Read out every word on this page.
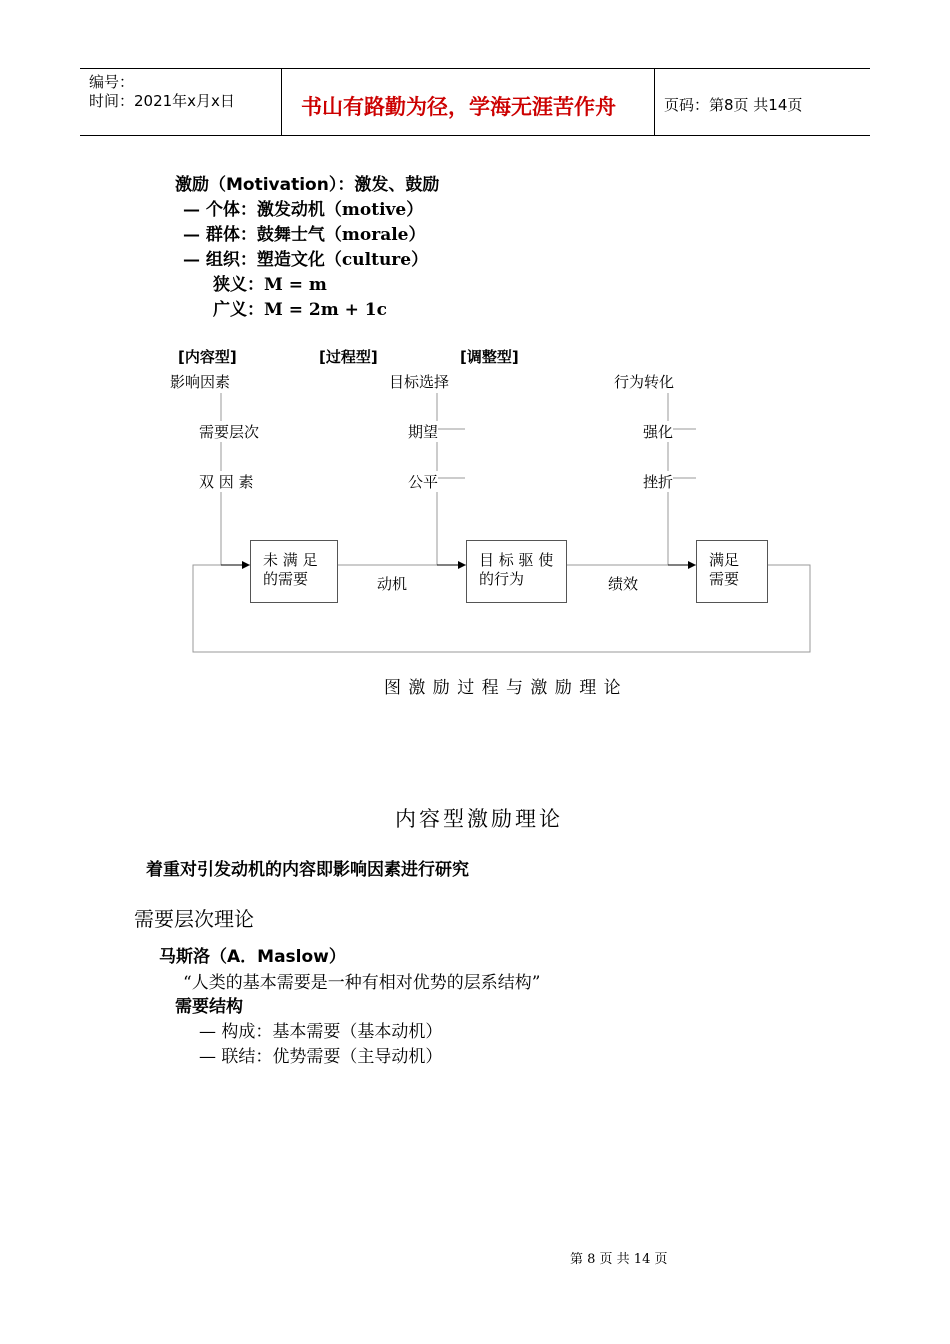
编号：
时间：2021年x月x日	书山有路勤为径，学海无涯苦作舟	页码：第8页 共14页
激励（Motivation）：激发、鼓励
— 个体：激发动机（motive）
— 群体：鼓舞士气（morale）
— 组织：塑造文化（culture）
狭义：M = m
广义：M = 2m + 1c
[内容型]	[过程型]	[调整型]
影响因素
需要层次
双 因 素
目标选择
期望
公平
行为转化
强化
挫折
未 满 足
的需要
目 标 驱 使
的行为
满足
需要
动机	绩效
图 激 励 过 程 与 激 励 理 论
内容型激励理论
着重对引发动机的内容即影响因素进行研究
需要层次理论
马斯洛（A．Maslow）
“人类的基本需要是一种有相对优势的层系结构”
需要结构
— 构成：基本需要（基本动机）
— 联结：优势需要（主导动机）
第 8 页 共 14 页
